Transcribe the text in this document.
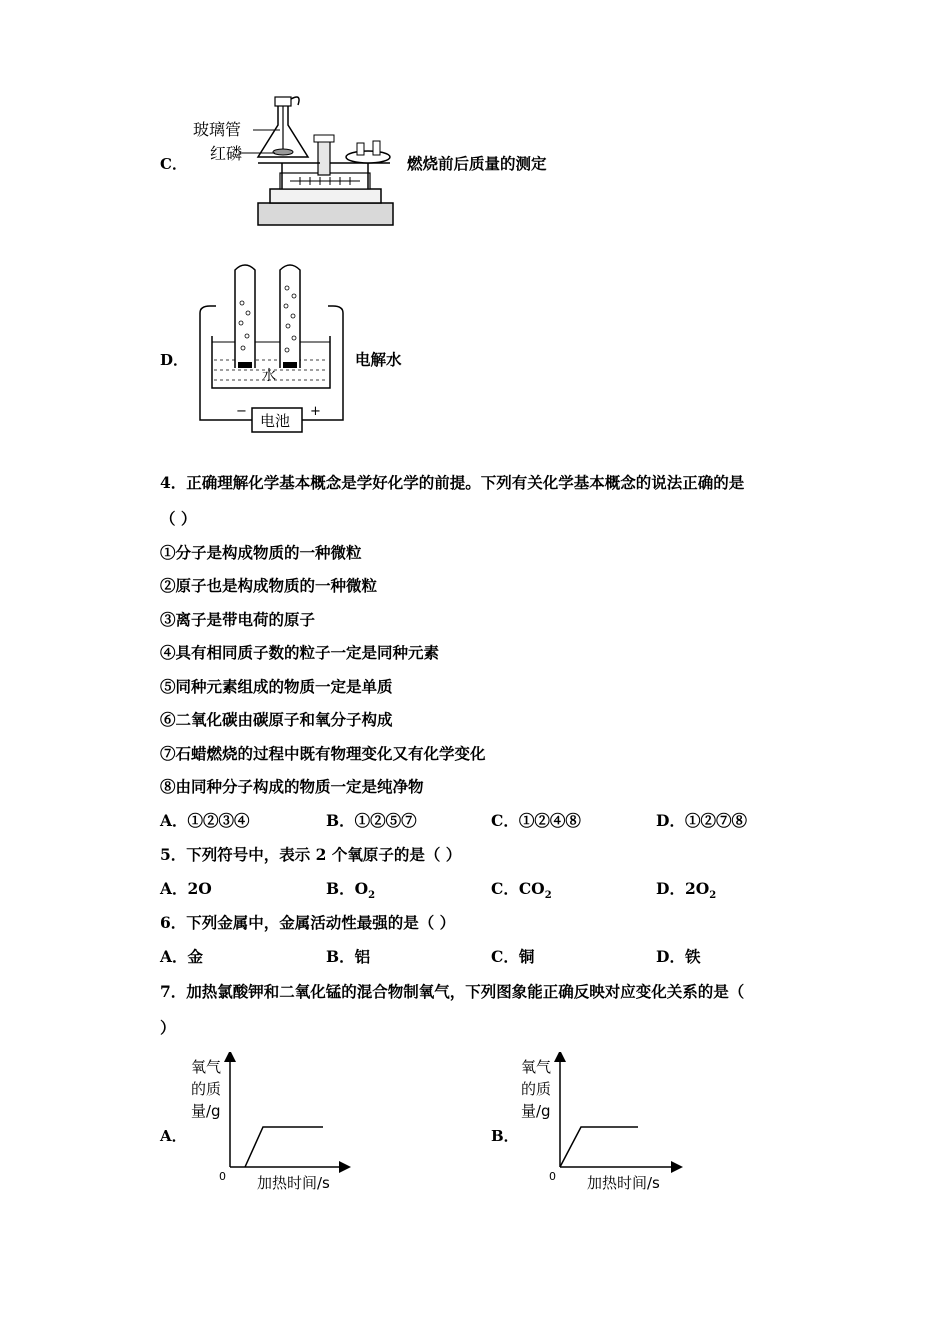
C．
玻璃管
红磷
燃烧前后质量的测定
D．
水
电池
−	+
电解水
4．正确理解化学基本概念是学好化学的前提。下列有关化学基本概念的说法正确的是
（ ）
①分子是构成物质的一种微粒
②原子也是构成物质的一种微粒
③离子是带电荷的原子
④具有相同质子数的粒子一定是同种元素
⑤同种元素组成的物质一定是单质
⑥二氧化碳由碳原子和氧分子构成
⑦石蜡燃烧的过程中既有物理变化又有化学变化
⑧由同种分子构成的物质一定是纯净物
A．①②③④	B．①②⑤⑦	C．①②④⑧	D．①②⑦⑧
5．下列符号中，表示 2 个氧原子的是（ ）
A．2O	B．$O_2$	C．$CO_2$	D．$2O_2$
6．下列金属中，金属活动性最强的是（ ）
A．金	B．铝	C．铜	D．铁
7．加热氯酸钾和二氧化锰的混合物制氧气，下列图象能正确反映对应变化关系的是（
）
A．
氧气
的质
量/g
0 加热时间/s
B．
氧气
的质
量/g
0 加热时间/s
